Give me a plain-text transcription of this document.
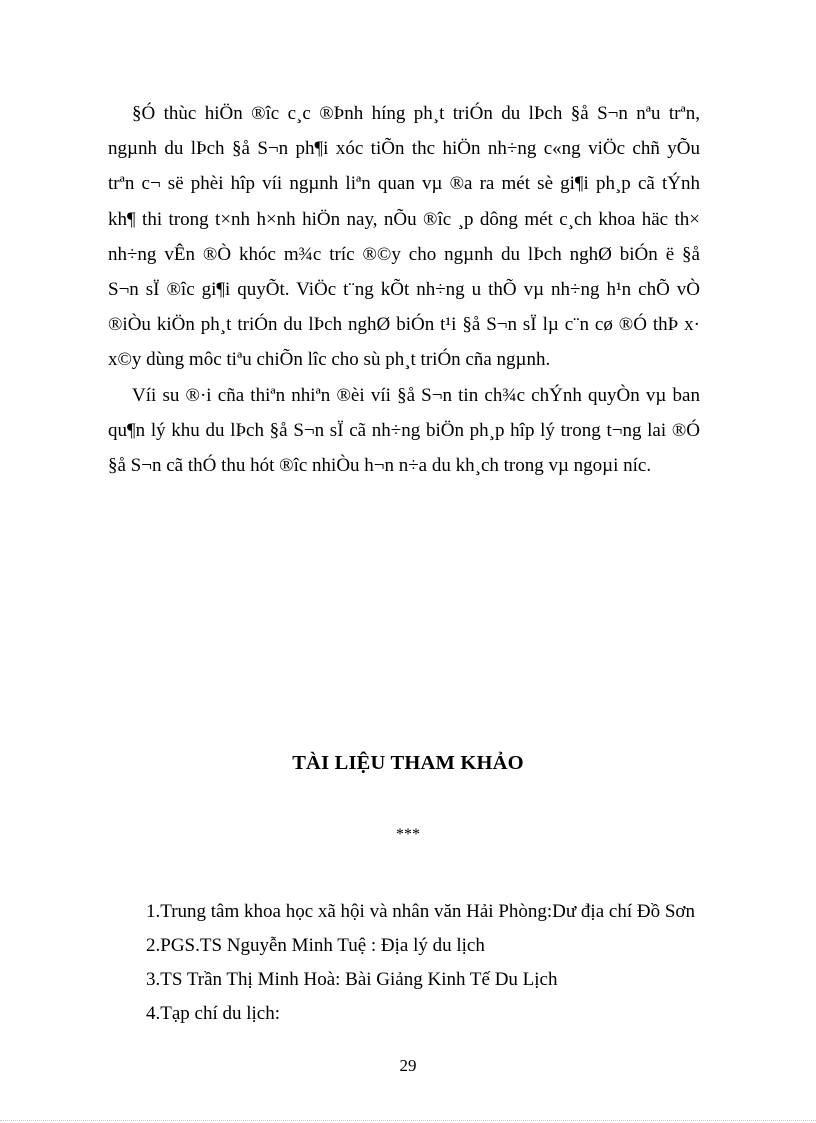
§Ó thùc hiÖn ®îc c¸c ®Þnh híng ph¸t triÓn du lÞch §å S¬n nªu trªn,
ngµnh du lÞch §å S¬n ph¶i xóc tiÕn thc hiÖn nh÷ng c«ng viÖc chñ yÕu
trªn c¬ së phèi hîp víi ngµnh liªn quan vµ ®a ra mét sè gi¶i ph¸p cã tÝnh
kh¶ thi trong t×nh h×nh hiÖn nay, nÕu ®îc ¸p dông mét c¸ch khoa häc th×
nh÷ng vÊn ®Ò khóc m¾c tríc ®©y cho ngµnh du lÞch nghØ biÓn ë §å
S¬n sÏ ®îc gi¶i quyÕt. ViÖc t¨ng kÕt nh÷ng u thÕ vµ nh÷ng h¹n chÕ vÒ
®iÒu kiÖn ph¸t triÓn du lÞch nghØ biÓn t¹i §å S¬n sÏ lµ c¨n cø ®Ó thÞ x·
x©y dùng môc tiªu chiÕn lîc cho sù ph¸t triÓn cña ngµnh.

Víi su ®·i cña thiªn nhiªn ®èi víi §å S¬n tin ch¾c chÝnh quyÒn vµ ban
qu¶n lý khu du lÞch §å S¬n sÏ cã nh÷ng biÖn ph¸p hîp lý trong t¬ng lai ®Ó
§å S¬n cã thÓ thu hót ®îc nhiÒu h¬n n÷a du kh¸ch trong vµ ngoµi níc.

TÀI LIỆU THAM KHẢO
***
1.Trung tâm khoa học xã hội và nhân văn Hải Phòng:Dư địa chí Đồ Sơn
2.PGS.TS Nguyễn Minh Tuệ : Địa lý du lịch
3.TS Trần Thị Minh Hoà: Bài Giảng Kinh Tế Du Lịch
4.Tạp chí du lịch:
29
